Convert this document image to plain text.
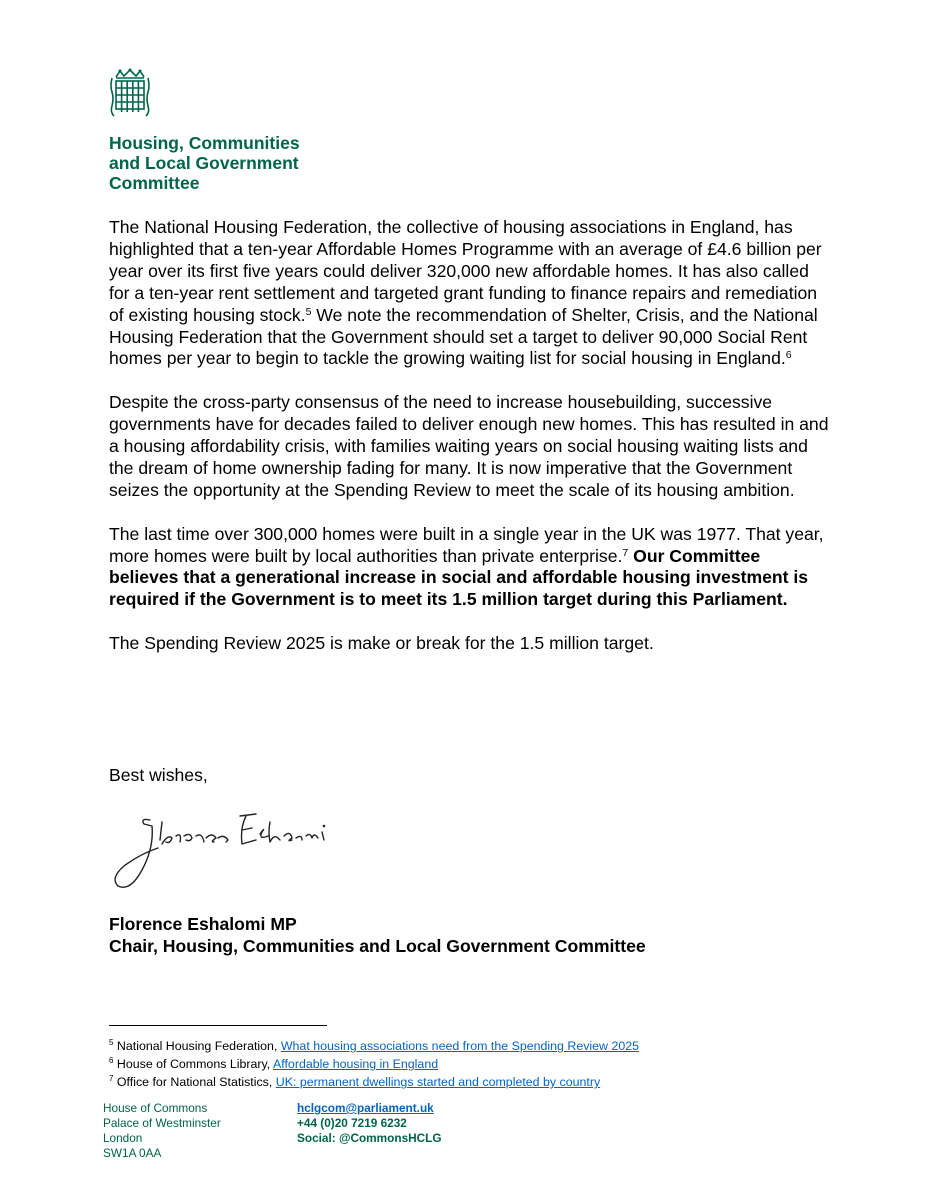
Housing, Communities
and Local Government
Committee

The National Housing Federation, the collective of housing associations in England, has highlighted that a ten-year Affordable Homes Programme with an average of £4.6 billion per year over its first five years could deliver 320,000 new affordable homes. It has also called for a ten-year rent settlement and targeted grant funding to finance repairs and remediation of existing housing stock.$^5$ We note the recommendation of Shelter, Crisis, and the National Housing Federation that the Government should set a target to deliver 90,000 Social Rent homes per year to begin to tackle the growing waiting list for social housing in England.$^6$

Despite the cross-party consensus of the need to increase housebuilding, successive governments have for decades failed to deliver enough new homes. This has resulted in and a housing affordability crisis, with families waiting years on social housing waiting lists and the dream of home ownership fading for many. It is now imperative that the Government seizes the opportunity at the Spending Review to meet the scale of its housing ambition.

The last time over 300,000 homes were built in a single year in the UK was 1977. That year, more homes were built by local authorities than private enterprise.$^7$ Our Committee believes that a generational increase in social and affordable housing investment is required if the Government is to meet its 1.5 million target during this Parliament.

The Spending Review 2025 is make or break for the 1.5 million target.

Best wishes,
Florence Eshalomi MP
Chair, Housing, Communities and Local Government Committee
$^5$ National Housing Federation, What housing associations need from the Spending Review 2025
$^6$ House of Commons Library, Affordable housing in England
$^7$ Office for National Statistics, UK: permanent dwellings started and completed by country
House of Commons
Palace of Westminster
London
SW1A 0AA
hclgcom@parliament.uk
+44 (0)20 7219 6232
Social: @CommonsHCLG
